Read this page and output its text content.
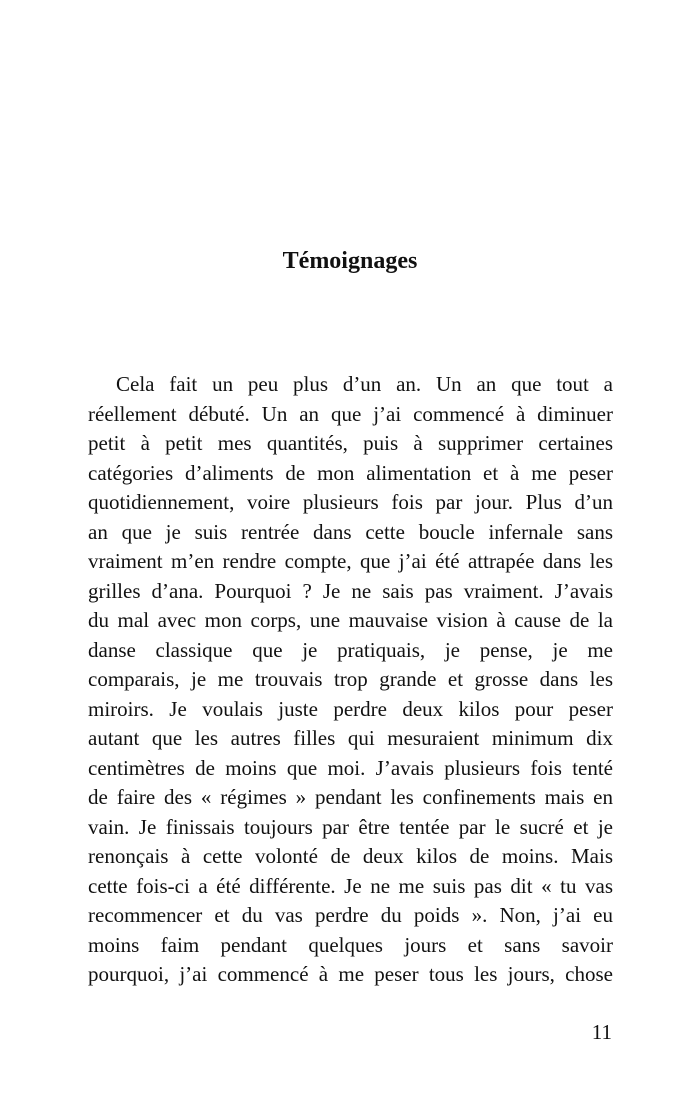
Témoignages
Cela fait un peu plus d’un an. Un an que tout a
réellement débuté. Un an que j’ai commencé à diminuer
petit à petit mes quantités, puis à supprimer certaines
catégories d’aliments de mon alimentation et à me peser
quotidiennement, voire plusieurs fois par jour. Plus d’un
an que je suis rentrée dans cette boucle infernale sans
vraiment m’en rendre compte, que j’ai été attrapée dans les
grilles d’ana. Pourquoi ? Je ne sais pas vraiment. J’avais
du mal avec mon corps, une mauvaise vision à cause de la
danse classique que je pratiquais, je pense, je me
comparais, je me trouvais trop grande et grosse dans les
miroirs. Je voulais juste perdre deux kilos pour peser
autant que les autres filles qui mesuraient minimum dix
centimètres de moins que moi. J’avais plusieurs fois tenté
de faire des « régimes » pendant les confinements mais en
vain. Je finissais toujours par être tentée par le sucré et je
renonçais à cette volonté de deux kilos de moins. Mais
cette fois-ci a été différente. Je ne me suis pas dit « tu vas
recommencer et du vas perdre du poids ». Non, j’ai eu
moins faim pendant quelques jours et sans savoir
pourquoi, j’ai commencé à me peser tous les jours, chose
11
